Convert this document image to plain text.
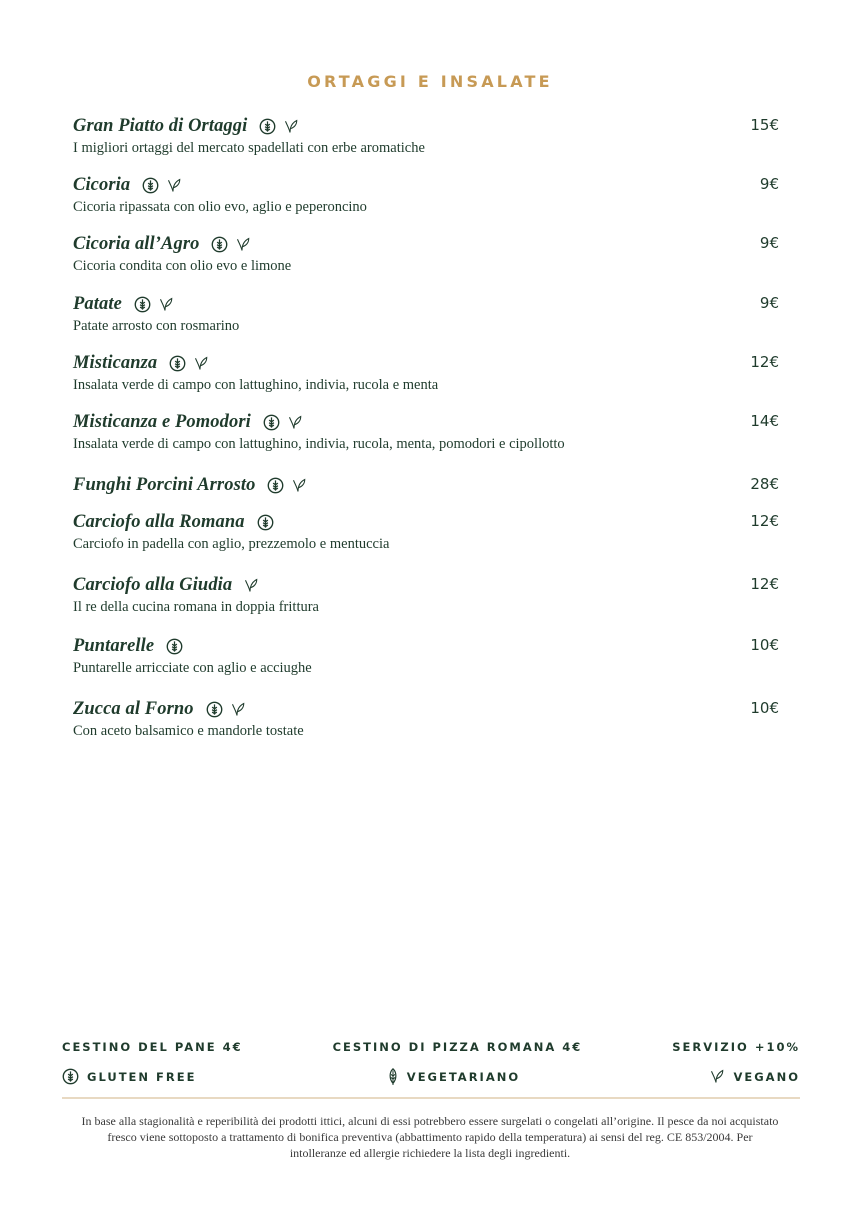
ORTAGGI E INSALATE
Gran Piatto di Ortaggi	15€
I migliori ortaggi del mercato spadellati con erbe aromatiche
Cicoria	9€
Cicoria ripassata con olio evo, aglio e peperoncino
Cicoria all’Agro	9€
Cicoria condita con olio evo e limone
Patate	9€
Patate arrosto con rosmarino
Misticanza	12€
Insalata verde di campo con lattughino, indivia, rucola e menta
Misticanza e Pomodori	14€
Insalata verde di campo con lattughino, indivia, rucola, menta, pomodori e cipollotto
Funghi Porcini Arrosto	28€
Carciofo alla Romana	12€
Carciofo in padella con aglio, prezzemolo e mentuccia
Carciofo alla Giudia	12€
Il re della cucina romana in doppia frittura
Puntarelle	10€
Puntarelle arricciate con aglio e acciughe
Zucca al Forno	10€
Con aceto balsamico e mandorle tostate
CESTINO DEL PANE 4€	CESTINO DI PIZZA ROMANA 4€	SERVIZIO +10%
GLUTEN FREE	VEGETARIANO	VEGANO
In base alla stagionalità e reperibilità dei prodotti ittici, alcuni di essi potrebbero essere surgelati o congelati all’origine. Il pesce da noi acquistato fresco viene sottoposto a trattamento di bonifica preventiva (abbattimento rapido della temperatura) ai sensi del reg. CE 853/2004. Per intolleranze ed allergie richiedere la lista degli ingredienti.
